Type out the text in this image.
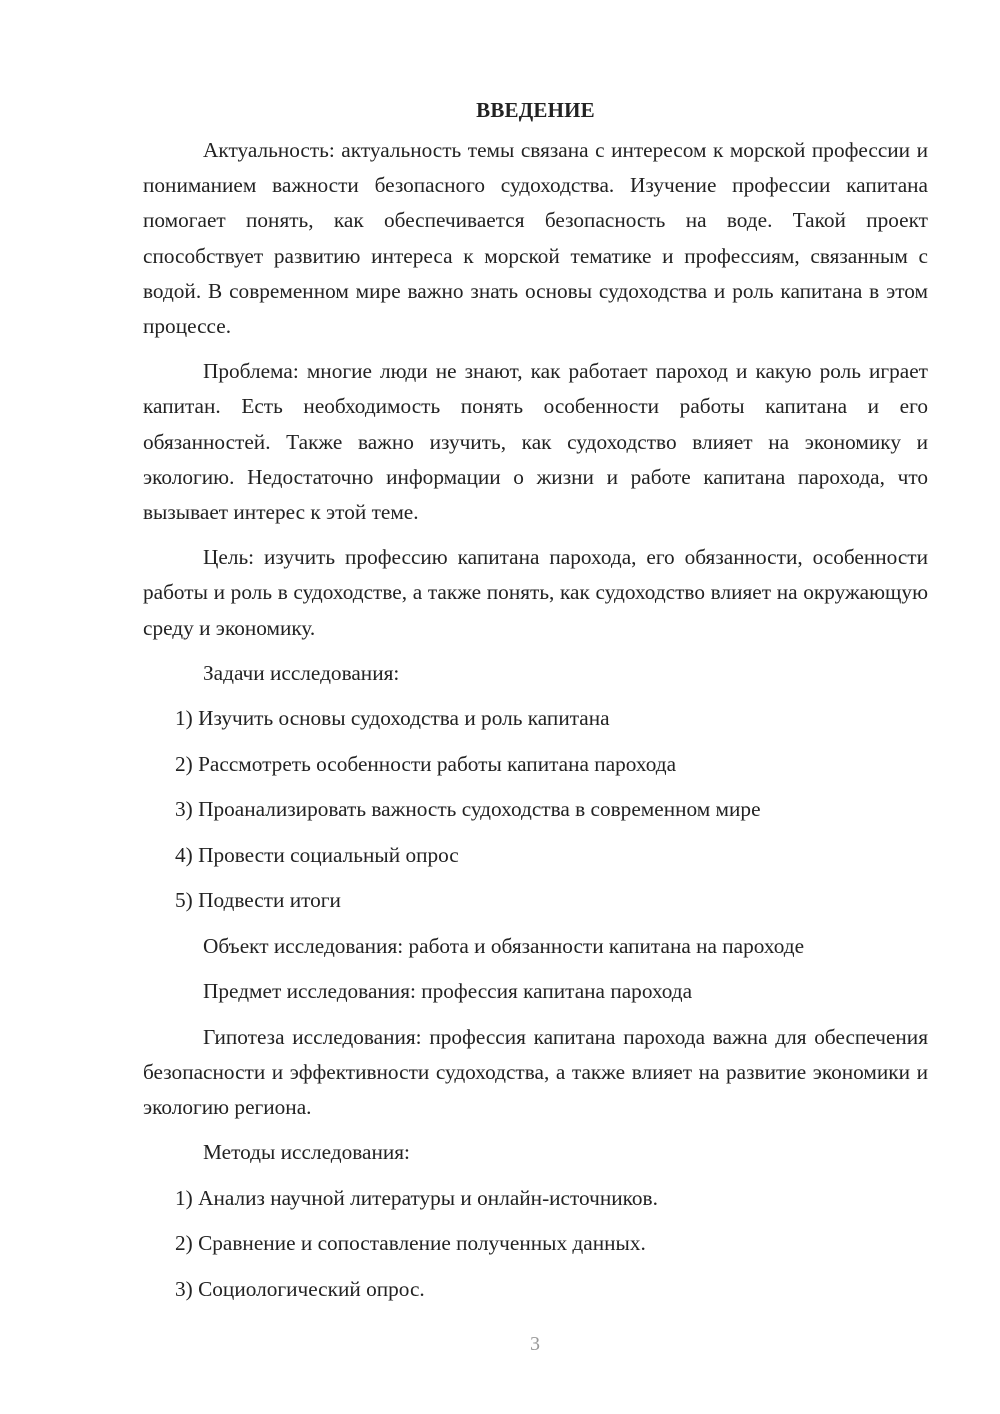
ВВЕДЕНИЕ

Актуальность: актуальность темы связана с интересом к морской профессии и пониманием важности безопасного судоходства. Изучение профессии капитана помогает понять, как обеспечивается безопасность на воде. Такой проект способствует развитию интереса к морской тематике и профессиям, связанным с водой. В современном мире важно знать основы судоходства и роль капитана в этом процессе.

Проблема: многие люди не знают, как работает пароход и какую роль играет капитан. Есть необходимость понять особенности работы капитана и его обязанностей. Также важно изучить, как судоходство влияет на экономику и экологию. Недостаточно информации о жизни и работе капитана парохода, что вызывает интерес к этой теме.

Цель: изучить профессию капитана парохода, его обязанности, особенности работы и роль в судоходстве, а также понять, как судоходство влияет на окружающую среду и экономику.

Задачи исследования:
1) Изучить основы судоходства и роль капитана
2) Рассмотреть особенности работы капитана парохода
3) Проанализировать важность судоходства в современном мире
4) Провести социальный опрос
5) Подвести итоги
Объект исследования: работа и обязанности капитана на пароходе
Предмет исследования: профессия капитана парохода

Гипотеза исследования: профессия капитана парохода важна для обеспечения безопасности и эффективности судоходства, а также влияет на развитие экономики и экологию региона.

Методы исследования:
1) Анализ научной литературы и онлайн-источников.
2) Сравнение и сопоставление полученных данных.
3) Социологический опрос.
3
